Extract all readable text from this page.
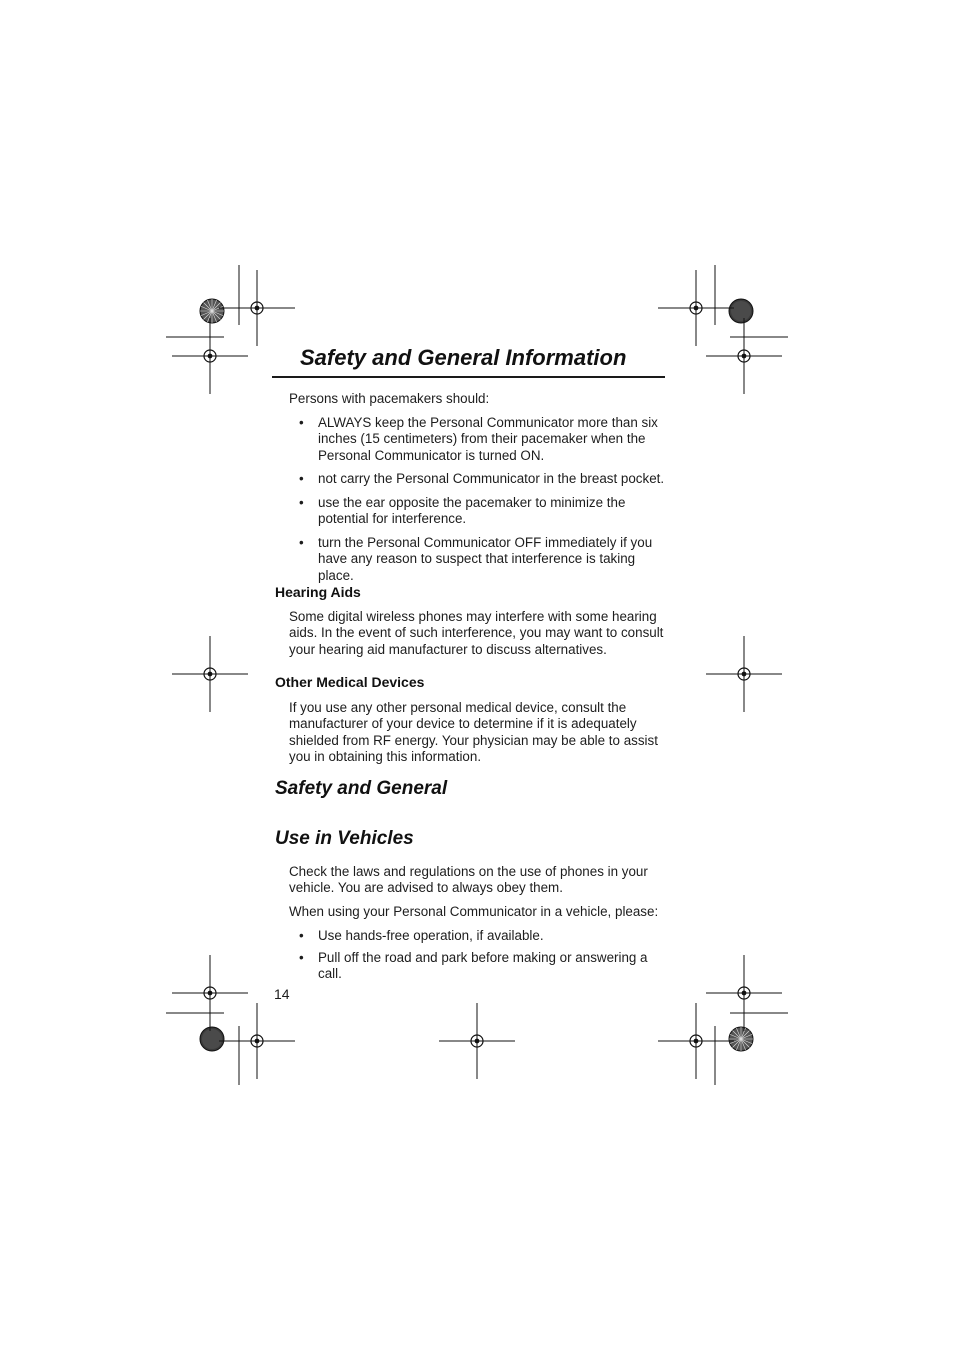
Safety and General Information

Persons with pacemakers should:

•	ALWAYS keep the Personal Communicator more than six inches (15 centimeters) from their pacemaker when the Personal Communicator is turned ON.
•	not carry the Personal Communicator in the breast pocket.
•	use the ear opposite the pacemaker to minimize the potential for interference.
•	turn the Personal Communicator OFF immediately if you have any reason to suspect that interference is taking place.
Hearing Aids

Some digital wireless phones may interfere with some hearing aids. In the event of such interference, you may want to consult your hearing aid manufacturer to discuss alternatives.

Other Medical Devices

If you use any other personal medical device, consult the manufacturer of your device to determine if it is adequately shielded from RF energy. Your physician may be able to assist you in obtaining this information.

Safety and General
Use in Vehicles

Check the laws and regulations on the use of phones in your vehicle. You are advised to always obey them.

When using your Personal Communicator in a vehicle, please:

•	Use hands-free operation, if available.
•	Pull off the road and park before making or answering a call.

14
